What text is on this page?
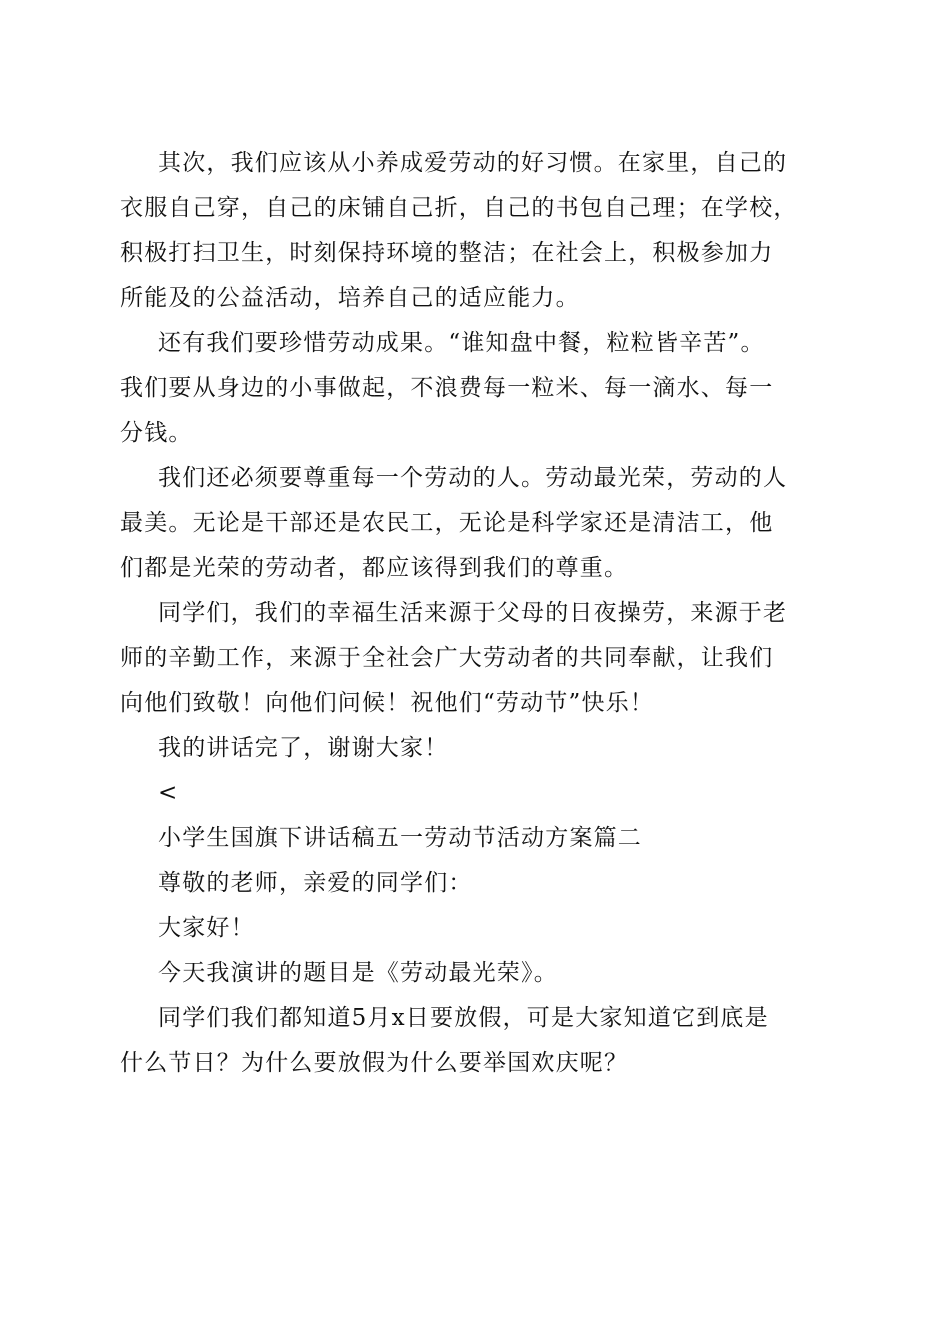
其次，我们应该从小养成爱劳动的好习惯。在家里，自己的
衣服自己穿，自己的床铺自己折，自己的书包自己理；在学校，
积极打扫卫生，时刻保持环境的整洁；在社会上，积极参加力
所能及的公益活动，培养自己的适应能力。
还有我们要珍惜劳动成果。“谁知盘中餐，粒粒皆辛苦”。
我们要从身边的小事做起，不浪费每一粒米、每一滴水、每一
分钱。
我们还必须要尊重每一个劳动的人。劳动最光荣，劳动的人
最美。无论是干部还是农民工，无论是科学家还是清洁工，他
们都是光荣的劳动者，都应该得到我们的尊重。
同学们，我们的幸福生活来源于父母的日夜操劳，来源于老
师的辛勤工作，来源于全社会广大劳动者的共同奉献，让我们
向他们致敬！向他们问候！祝他们“劳动节”快乐！
我的讲话完了，谢谢大家！
<
小学生国旗下讲话稿五一劳动节活动方案篇二
尊敬的老师，亲爱的同学们：
大家好！
今天我演讲的题目是《劳动最光荣》。
同学们我们都知道5月x日要放假，可是大家知道它到底是
什么节日？为什么要放假为什么要举国欢庆呢？
